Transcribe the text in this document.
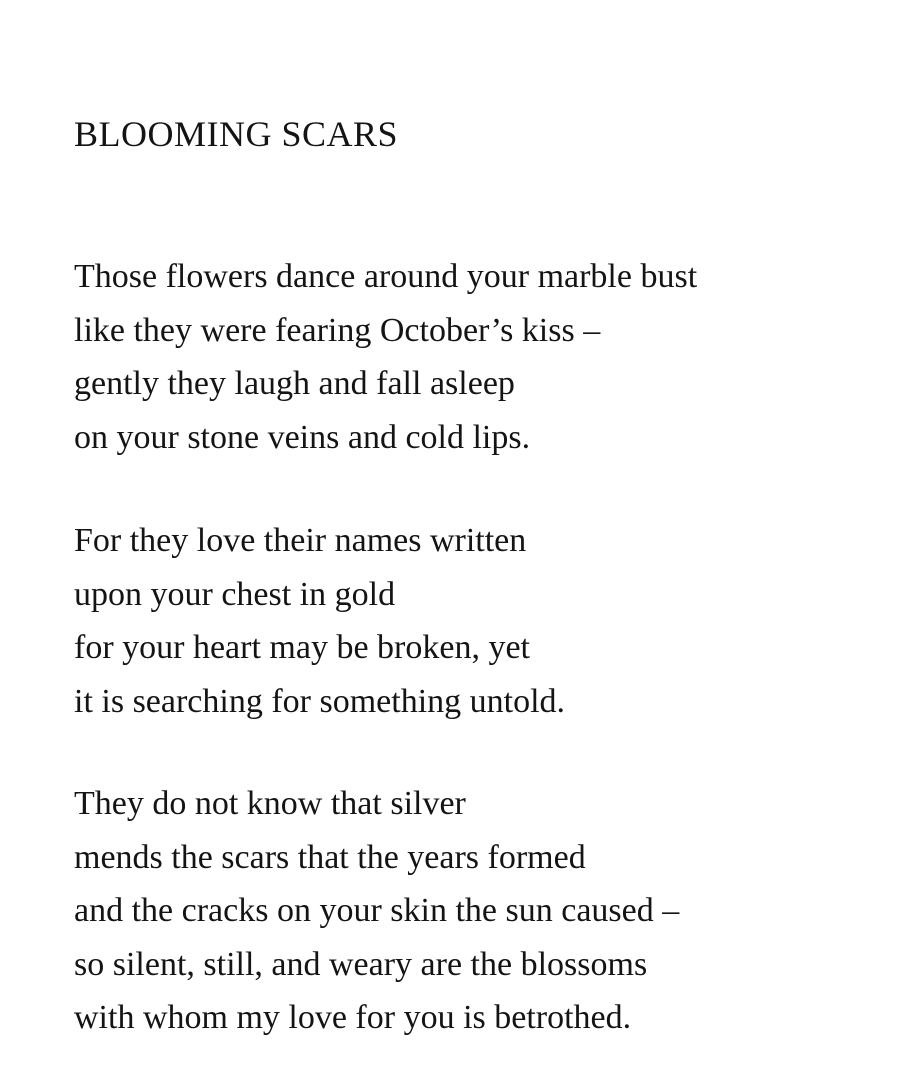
BLOOMING SCARS

Those flowers dance around your marble bust
like they were fearing October’s kiss –
gently they laugh and fall asleep
on your stone veins and cold lips.

For they love their names written
upon your chest in gold
for your heart may be broken, yet
it is searching for something untold.

They do not know that silver
mends the scars that the years formed
and the cracks on your skin the sun caused –
so silent, still, and weary are the blossoms
with whom my love for you is betrothed.
